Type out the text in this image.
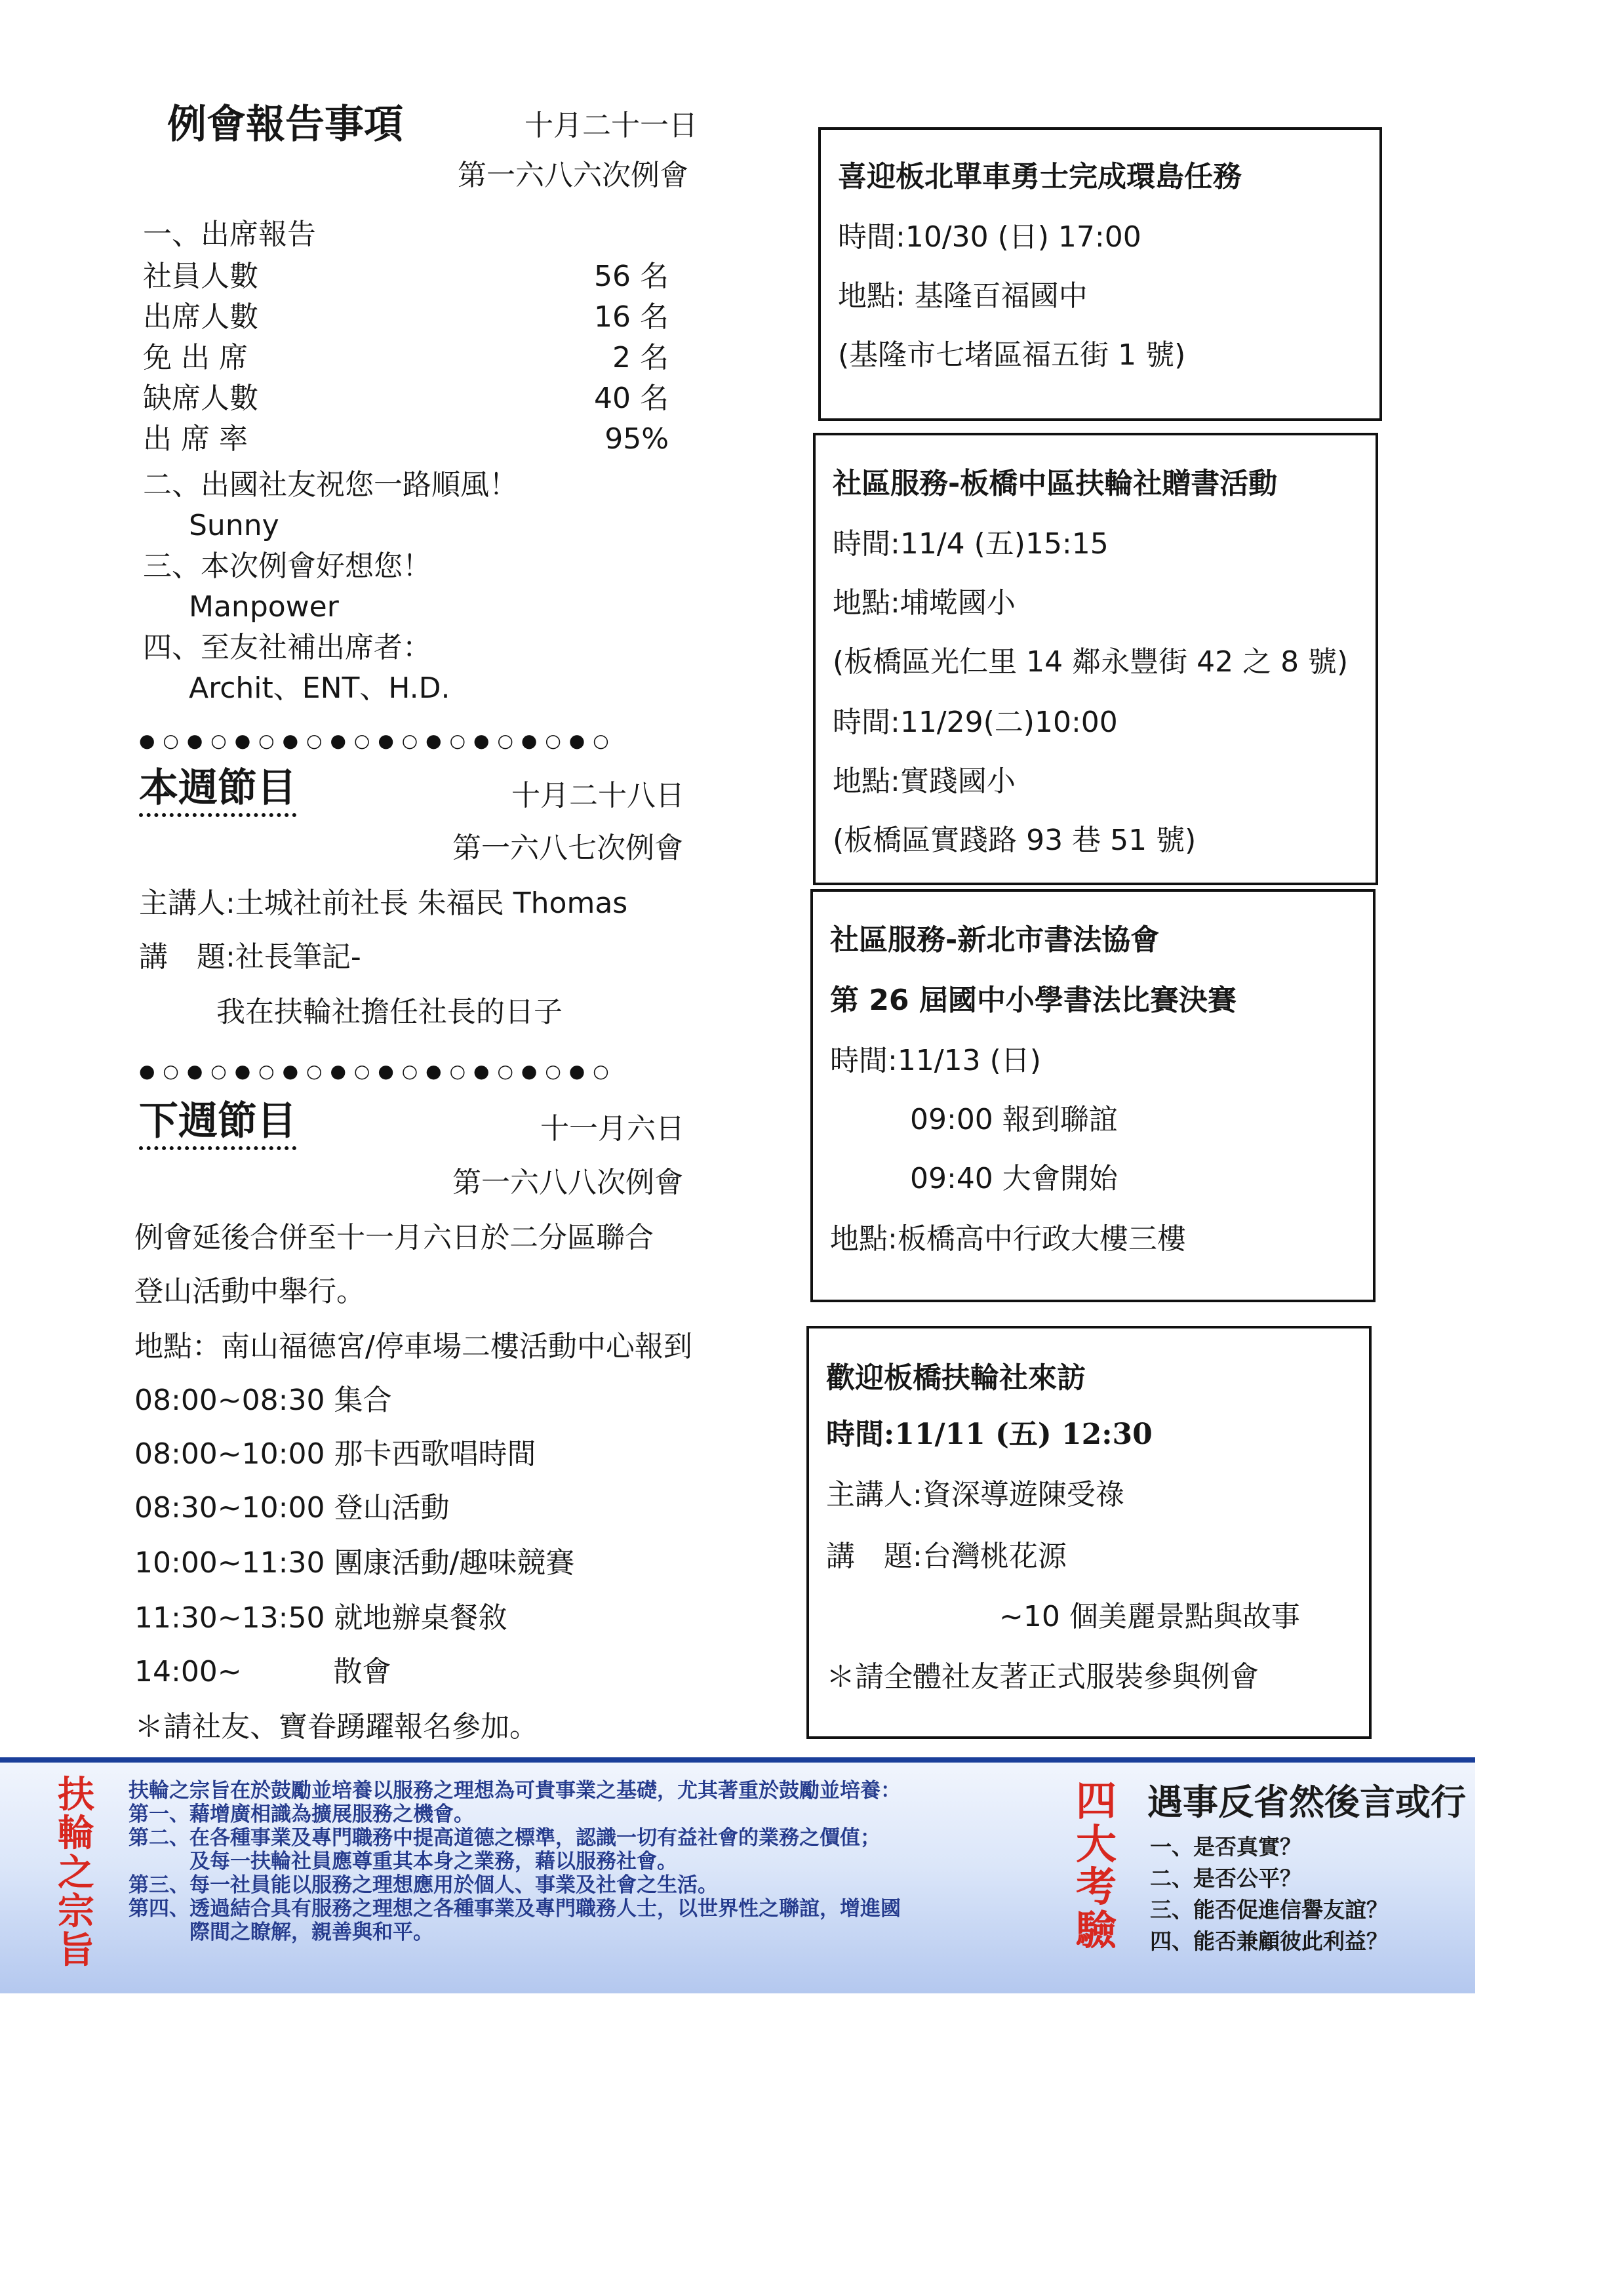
例會報告事項	十月二十一日
第一六八六次例會
一、出席報告
社員人數	56 名
出席人數	16 名
免 出 席	2 名
缺席人數	40 名
出 席 率	95%
二、出國社友祝您一路順風！
Sunny
三、本次例會好想您！
Manpower
四、至友社補出席者：
Archit、ENT、H.D.
●○●○●○●○●○●○●○●○●○●○
本週節目	十月二十八日
第一六八七次例會
主講人:土城社前社長 朱福民 Thomas
講　題:社長筆記-
我在扶輪社擔任社長的日子
●○●○●○●○●○●○●○●○●○●○
下週節目	十一月六日
第一六八八次例會
例會延後合併至十一月六日於二分區聯合
登山活動中舉行。
地點：南山福德宮/停車場二樓活動中心報到
08:00~08:30 集合
08:00~10:00 那卡西歌唱時間
08:30~10:00 登山活動
10:00~11:30 團康活動/趣味競賽
11:30~13:50 就地辦桌餐敘
14:00~          散會
＊請社友、寶眷踴躍報名參加。
喜迎板北單車勇士完成環島任務
時間:10/30 (日) 17:00
地點: 基隆百福國中
(基隆市七堵區福五街 1 號)
社區服務-板橋中區扶輪社贈書活動
時間:11/4 (五)15:15
地點:埔墘國小
(板橋區光仁里 14 鄰永豐街 42 之 8 號)
時間:11/29(二)10:00
地點:實踐國小
(板橋區實踐路 93 巷 51 號)
社區服務-新北市書法協會
第 26 屆國中小學書法比賽決賽
時間:11/13 (日)
09:00 報到聯誼
09:40 大會開始
地點:板橋高中行政大樓三樓
歡迎板橋扶輪社來訪
時間:11/11 (五) 12:30
主講人:資深導遊陳受祿
講　題:台灣桃花源
~10 個美麗景點與故事
＊請全體社友著正式服裝參與例會
扶輪之宗旨
扶輪之宗旨在於鼓勵並培養以服務之理想為可貴事業之基礎，尤其著重於鼓勵並培養：
第一、藉增廣相識為擴展服務之機會。
第二、在各種事業及專門職務中提高道德之標準，認識一切有益社會的業務之價值；
　　　及每一扶輪社員應尊重其本身之業務，藉以服務社會。
第三、每一社員能以服務之理想應用於個人、事業及社會之生活。
第四、透過結合具有服務之理想之各種事業及專門職務人士，以世界性之聯誼，增進國
　　　際間之瞭解，親善與和平。
四大考驗
遇事反省然後言或行
一、是否真實？
二、是否公平？
三、能否促進信譽友誼？
四、能否兼顧彼此利益？
